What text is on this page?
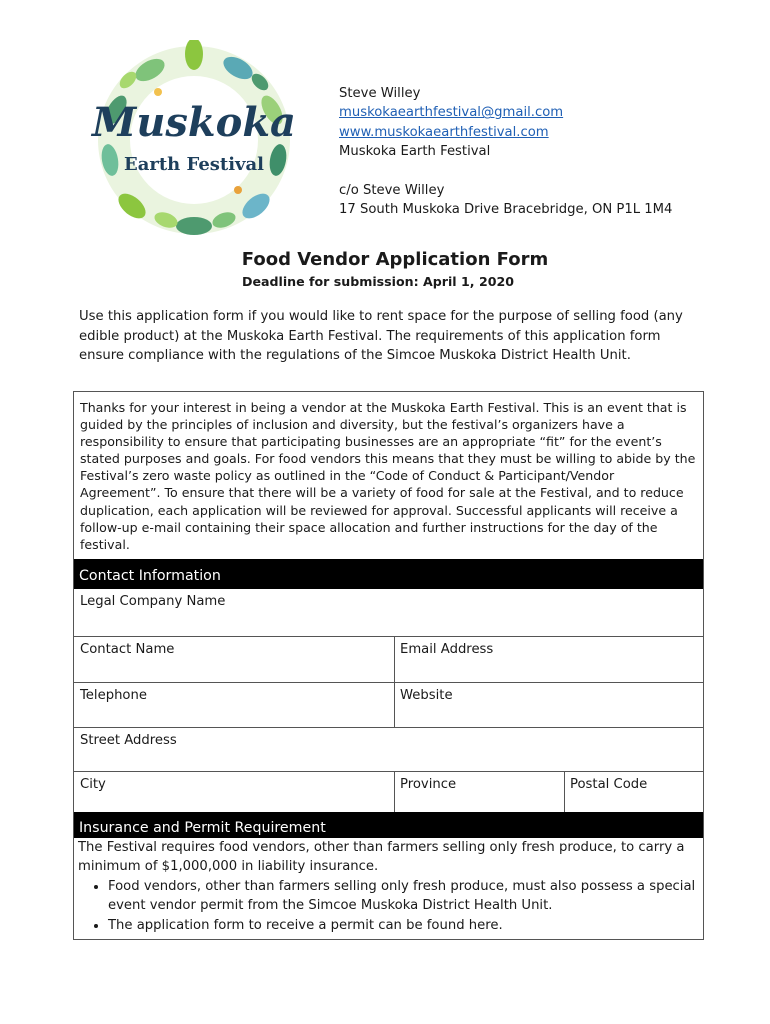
Muskoka
Earth Festival
Steve Willey
muskokaearthfestival@gmail.com
www.muskokaearthfestival.com
Muskoka Earth Festival
c/o Steve Willey
17 South Muskoka Drive Bracebridge, ON P1L 1M4
Food Vendor Application Form
Deadline for submission: April 1, 2020
Use this application form if you would like to rent space for the purpose of selling food (any edible product) at the Muskoka Earth Festival. The requirements of this application form ensure compliance with the regulations of the Simcoe Muskoka District Health Unit.
Thanks for your interest in being a vendor at the Muskoka Earth Festival. This is an event that is guided by the principles of inclusion and diversity, but the festival’s organizers have a responsibility to ensure that participating businesses are an appropriate “fit” for the event’s stated purposes and goals. For food vendors this means that they must be willing to abide by the Festival’s zero waste policy as outlined in the “Code of Conduct & Participant/Vendor Agreement”. To ensure that there will be a variety of food for sale at the Festival, and to reduce duplication, each application will be reviewed for approval. Successful applicants will receive a follow-up e-mail containing their space allocation and further instructions for the day of the festival.
Contact Information
Legal Company Name
Contact Name	Email Address
Telephone	Website
Street Address
City	Province	Postal Code
Insurance and Permit Requirement
The Festival requires food vendors, other than farmers selling only fresh produce, to carry a minimum of $1,000,000 in liability insurance.
• Food vendors, other than farmers selling only fresh produce, must also possess a special event vendor permit from the Simcoe Muskoka District Health Unit.
• The application form to receive a permit can be found here.
